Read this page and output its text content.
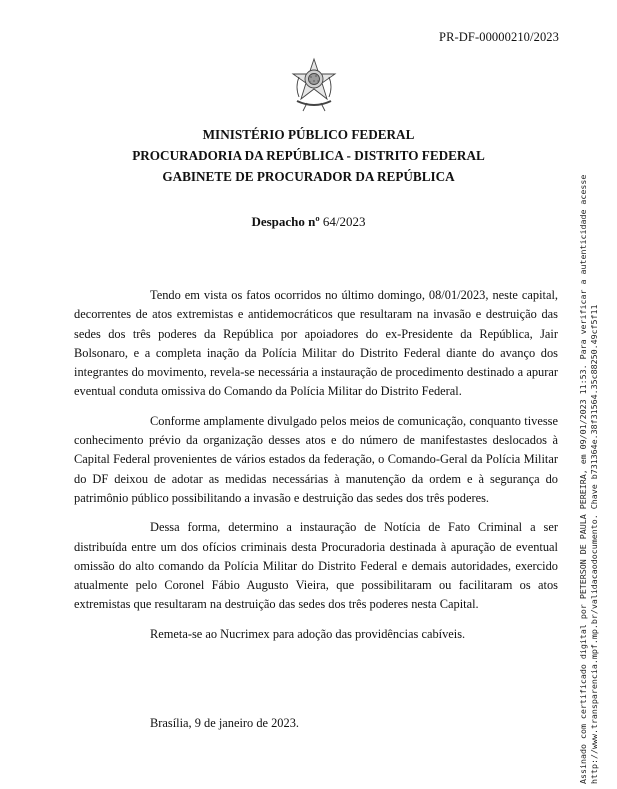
PR-DF-00000210/2023
MINISTÉRIO PÚBLICO FEDERAL
PROCURADORIA DA REPÚBLICA - DISTRITO FEDERAL
GABINETE DE PROCURADOR DA REPÚBLICA
Despacho nº 64/2023

Tendo em vista os fatos ocorridos no último domingo, 08/01/2023, neste capital, decorrentes de atos extremistas e antidemocráticos que resultaram na invasão e destruição das sedes dos três poderes da República por apoiadores do ex-Presidente da República, Jair Bolsonaro, e a completa inação da Polícia Militar do Distrito Federal diante do avanço dos integrantes do movimento, revela-se necessária a instauração de procedimento destinado a apurar eventual conduta omissiva do Comando da Polícia Militar do Distrito Federal.

Conforme amplamente divulgado pelos meios de comunicação, conquanto tivesse conhecimento prévio da organização desses atos e do número de manifestastes deslocados à Capital Federal provenientes de vários estados da federação, o Comando-Geral da Polícia Militar do DF deixou de adotar as medidas necessárias à manutenção da ordem e à segurança do patrimônio público possibilitando a invasão e destruição das sedes dos três poderes.

Dessa forma, determino a instauração de Notícia de Fato Criminal a ser distribuída entre um dos ofícios criminais desta Procuradoria destinada à apuração de eventual omissão do alto comando da Polícia Militar do Distrito Federal e demais autoridades, exercido atualmente pelo Coronel Fábio Augusto Vieira, que possibilitaram ou facilitaram os atos extremistas que resultaram na destruição das sedes dos três poderes nesta Capital.

Remeta-se ao Nucrimex para adoção das providências cabíveis.

Brasília, 9 de janeiro de 2023.	Assinado com certificado digital por PETERSON DE PAULA PEREIRA, em 09/01/2023 11:53. Para verificar a autenticidade acesse http://www.transparencia.mpf.mp.br/validacaodocumento. Chave b731364e.38f31564.35c88250.49cf5f11
